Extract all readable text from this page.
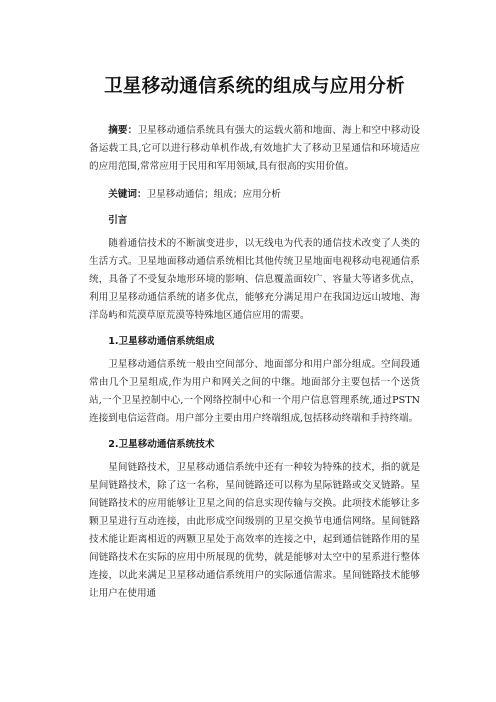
卫星移动通信系统的组成与应用分析

摘要：卫星移动通信系统具有强大的运载火箭和地面、海上和空中移动设备运载工具,它可以进行移动单机作战,有效地扩大了移动卫星通信和环境适应的应用范围,常常应用于民用和军用领域,具有很高的实用价值。

关键词：卫星移动通信；组成；应用分析

引言

随着通信技术的不断演变进步，以无线电为代表的通信技术改变了人类的生活方式。卫星地面移动通信系统相比其他传统卫星地面电视移动电视通信系统，具备了不受复杂地形环境的影响、信息覆盖面较广、容量大等诸多优点，利用卫星移动通信系统的诸多优点，能够充分满足用户在我国边远山坡地、海洋岛屿和荒漠草原荒漠等特殊地区通信应用的需要。

1.卫星移动通信系统组成

卫星移动通信系统一般由空间部分、地面部分和用户部分组成。空间段通常由几个卫星组成,作为用户和网关之间的中继。地面部分主要包括一个送货站,一个卫星控制中心,一个网络控制中心和一个用户信息管理系统,通过PSTN连接到电信运营商。用户部分主要由用户终端组成,包括移动终端和手持终端。

2.卫星移动通信系统技术

星间链路技术，卫星移动通信系统中还有一种较为特殊的技术，指的就是星间链路技术，除了这一名称，星间链路还可以称为星际链路或交叉链路。星间链路技术的应用能够让卫星之间的信息实现传输与交换。此项技术能够让多颗卫星进行互动连接，由此形成空间级别的卫星交换节电通信网络。星间链路技术能让距离相近的两颗卫星处于高效率的连接之中，起到通信链路作用的星间链路技术在实际的应用中所展现的优势，就是能够对太空中的星系进行整体连接，以此来满足卫星移动通信系统用户的实际通信需求。星间链路技术能够让用户在使用通
